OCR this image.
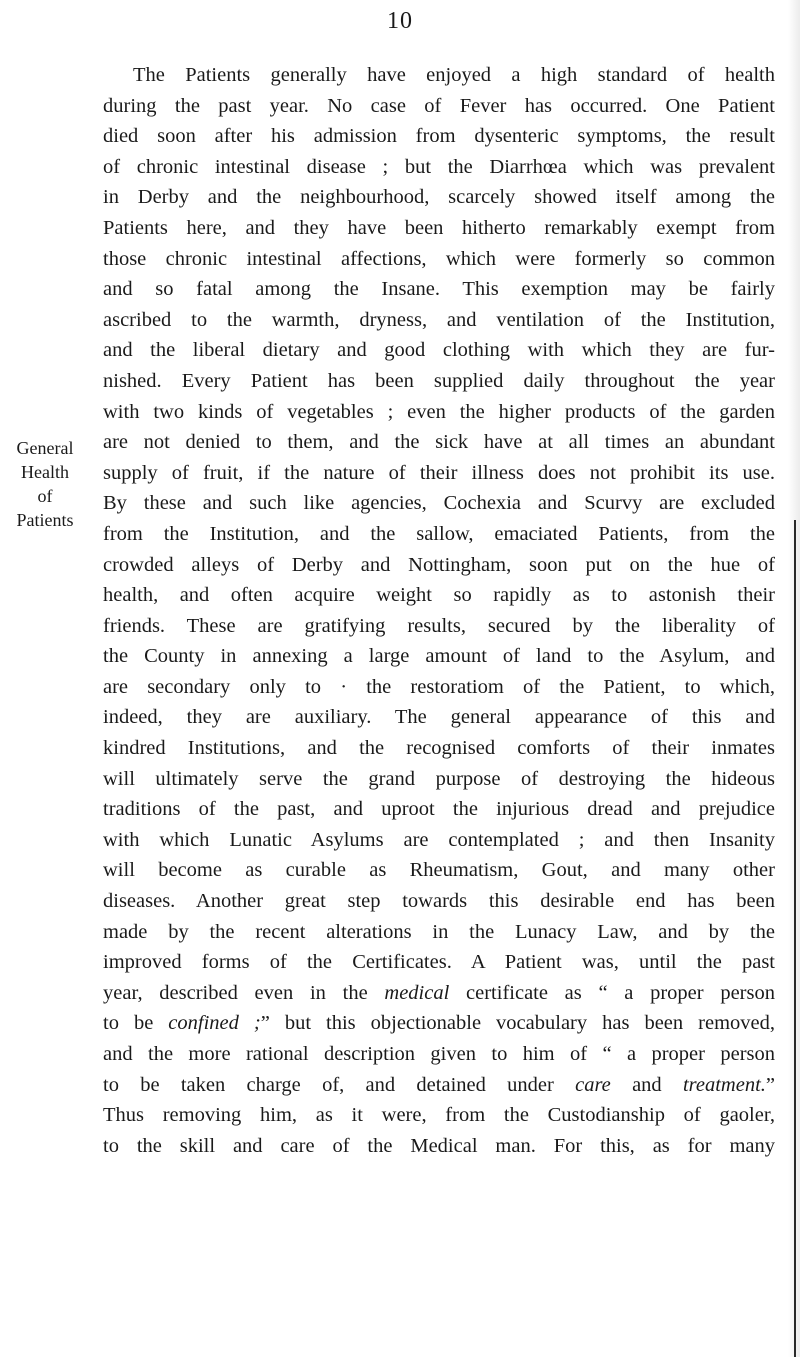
10
General
Health
of
Patients
The Patients generally have enjoyed a high standard of health
during the past year. No case of Fever has occurred. One Patient
died soon after his admission from dysenteric symptoms, the result
of chronic intestinal disease ; but the Diarrhœa which was prevalent
in Derby and the neighbourhood, scarcely showed itself among the
Patients here, and they have been hitherto remarkably exempt from
those chronic intestinal affections, which were formerly so common
and so fatal among the Insane. This exemption may be fairly
ascribed to the warmth, dryness, and ventilation of the Institution,
and the liberal dietary and good clothing with which they are fur-
nished. Every Patient has been supplied daily throughout the year
with two kinds of vegetables ; even the higher products of the garden
are not denied to them, and the sick have at all times an abundant
supply of fruit, if the nature of their illness does not prohibit its use.
By these and such like agencies, Cochexia and Scurvy are excluded
from the Institution, and the sallow, emaciated Patients, from the
crowded alleys of Derby and Nottingham, soon put on the hue of
health, and often acquire weight so rapidly as to astonish their
friends. These are gratifying results, secured by the liberality of
the County in annexing a large amount of land to the Asylum, and
are secondary only to · the restoratiom of the Patient, to which,
indeed, they are auxiliary. The general appearance of this and
kindred Institutions, and the recognised comforts of their inmates
will ultimately serve the grand purpose of destroying the hideous
traditions of the past, and uproot the injurious dread and prejudice
with which Lunatic Asylums are contemplated ; and then Insanity
will become as curable as Rheumatism, Gout, and many other
diseases. Another great step towards this desirable end has been
made by the recent alterations in the Lunacy Law, and by the
improved forms of the Certificates. A Patient was, until the past
year, described even in the medical certificate as “ a proper person
to be confined ;” but this objectionable vocabulary has been removed,
and the more rational description given to him of “ a proper person
to be taken charge of, and detained under care and treatment.”
Thus removing him, as it were, from the Custodianship of gaoler,
to the skill and care of the Medical man. For this, as for many
